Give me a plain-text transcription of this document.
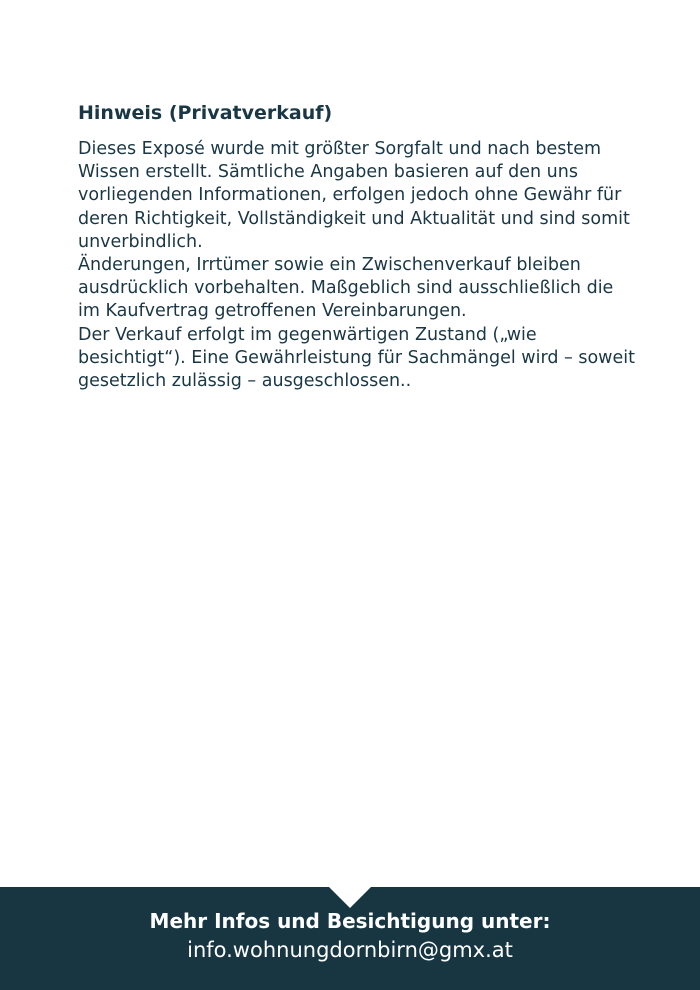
Hinweis (Privatverkauf)

Dieses Exposé wurde mit größter Sorgfalt und nach bestem Wissen erstellt. Sämtliche Angaben basieren auf den uns vorliegenden Informationen, erfolgen jedoch ohne Gewähr für deren Richtigkeit, Vollständigkeit und Aktualität und sind somit unverbindlich.

Änderungen, Irrtümer sowie ein Zwischenverkauf bleiben ausdrücklich vorbehalten. Maßgeblich sind ausschließlich die im Kaufvertrag getroffenen Vereinbarungen.

Der Verkauf erfolgt im gegenwärtigen Zustand („wie besichtigt“). Eine Gewährleistung für Sachmängel wird – soweit gesetzlich zulässig – ausgeschlossen..

Mehr Infos und Besichtigung unter:
info.wohnungdornbirn@gmx.at
